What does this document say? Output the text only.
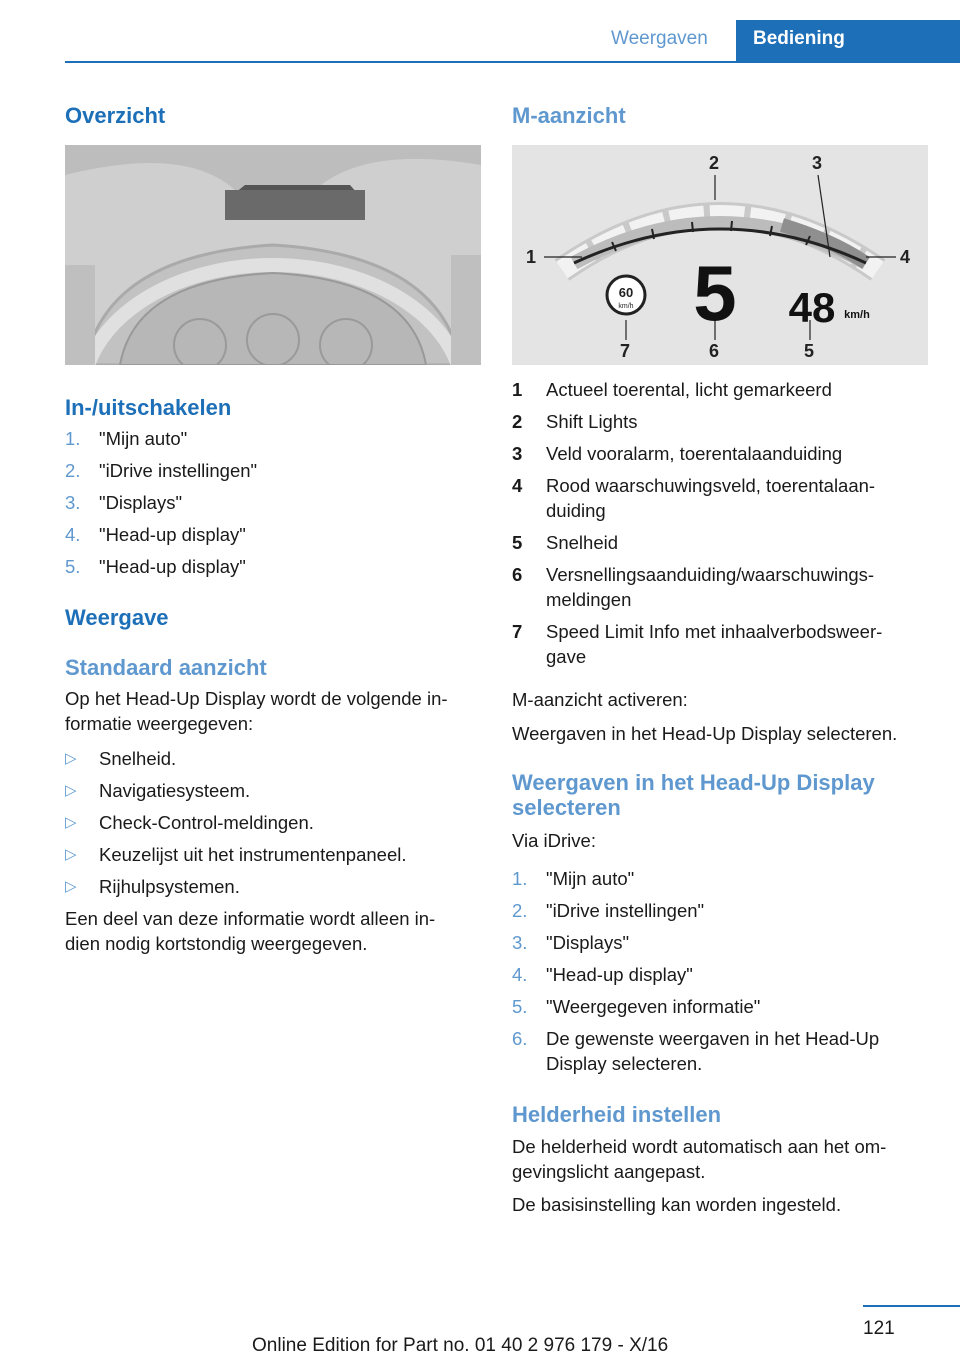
Weergaven	Bediening
Overzicht
In-/uitschakelen
1. "Mijn auto"
2. "iDrive instellingen"
3. "Displays"
4. "Head-up display"
5. "Head-up display"
Weergave
Standaard aanzicht
Op het Head-Up Display wordt de volgende in-
formatie weergegeven:
▷ Snelheid.
▷ Navigatiesysteem.
▷ Check-Control-meldingen.
▷ Keuzelijst uit het instrumentenpaneel.
▷ Rijhulpsystemen.
Een deel van deze informatie wordt alleen in-
dien nodig kortstondig weergegeven.
M-aanzicht
60
km/h 5 48 km/h
1
2	3
4
5
6
7
1 Actueel toerental, licht gemarkeerd
2 Shift Lights
3 Veld vooralarm, toerentalaanduiding
4 Rood waarschuwingsveld, toerentalaan-
duiding
5 Snelheid
6 Versnellingsaanduiding/waarschuwings-
meldingen
7 Speed Limit Info met inhaalverbodsweer-
gave
M-aanzicht activeren:
Weergaven in het Head-Up Display selecteren.
Weergaven in het Head-Up Display
selecteren
Via iDrive:
1. "Mijn auto"
2. "iDrive instellingen"
3. "Displays"
4. "Head-up display"
5. "Weergegeven informatie"
6. De gewenste weergaven in het Head-Up
Display selecteren.
Helderheid instellen
De helderheid wordt automatisch aan het om-
gevingslicht aangepast.
De basisinstelling kan worden ingesteld.
121
Online Edition for Part no. 01 40 2 976 179 - X/16
